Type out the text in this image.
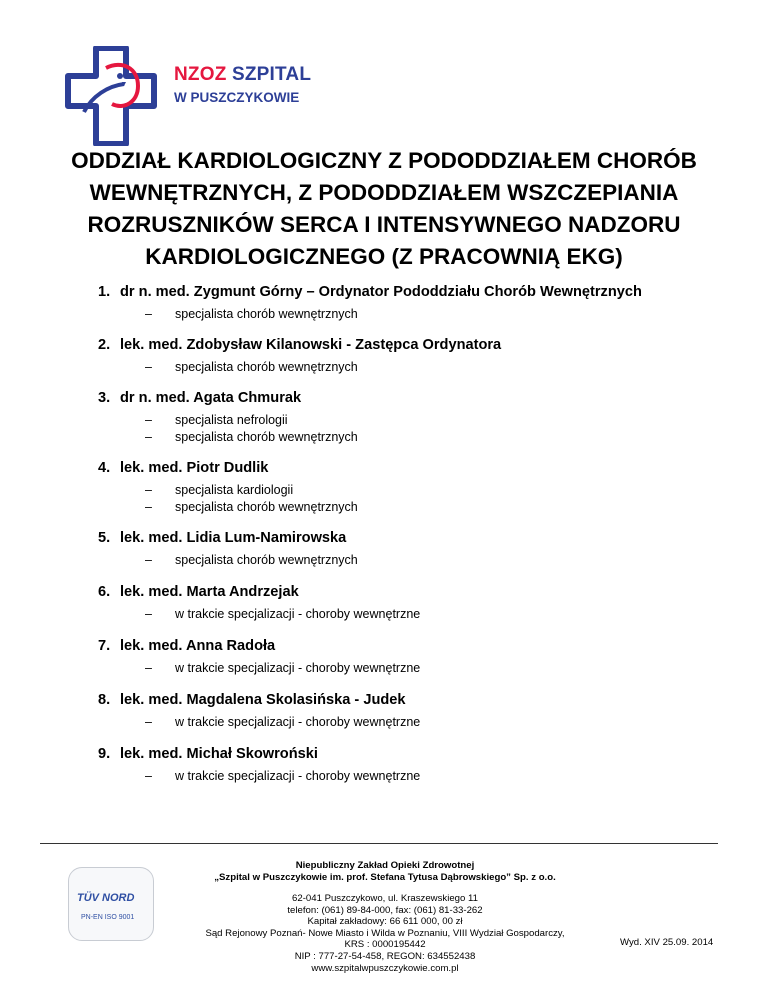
NZOZ SZPITAL
W PUSZCZYKOWIE
ODDZIAŁ KARDIOLOGICZNY Z PODODDZIAŁEM CHORÓB
WEWNĘTRZNYCH, Z PODODDZIAŁEM WSZCZEPIANIA
ROZRUSZNIKÓW SERCA I INTENSYWNEGO NADZORU
KARDIOLOGICZNEGO (Z PRACOWNIĄ EKG)
1. dr n. med. Zygmunt Górny – Ordynator Pododdziału Chorób Wewnętrznych
– specjalista chorób wewnętrznych
2. lek. med. Zdobysław Kilanowski - Zastępca Ordynatora
– specjalista chorób wewnętrznych
3. dr n. med. Agata Chmurak
– specjalista nefrologii
– specjalista chorób wewnętrznych
4. lek. med. Piotr Dudlik
– specjalista kardiologii
– specjalista chorób wewnętrznych
5. lek. med. Lidia Lum-Namirowska
– specjalista chorób wewnętrznych
6. lek. med. Marta Andrzejak
– w trakcie specjalizacji - choroby wewnętrzne
7. lek. med. Anna Radoła
– w trakcie specjalizacji - choroby wewnętrzne
8. lek. med. Magdalena Skolasińska - Judek
– w trakcie specjalizacji - choroby wewnętrzne
9. lek. med. Michał Skowroński
– w trakcie specjalizacji - choroby wewnętrzne
TÜV NORD
PN-EN ISO 9001
Niepubliczny Zakład Opieki Zdrowotnej
„Szpital w Puszczykowie im. prof. Stefana Tytusa Dąbrowskiego” Sp. z o.o.
62-041 Puszczykowo, ul. Kraszewskiego 11
telefon: (061) 89-84-000, fax: (061) 81-33-262
Kapitał zakładowy: 66 611 000, 00 zł
Sąd Rejonowy Poznań- Nowe Miasto i Wilda w Poznaniu, VIII Wydział Gospodarczy,
KRS : 0000195442
NIP : 777-27-54-458, REGON: 634552438
www.szpitalwpuszczykowie.com.pl
Wyd. XIV 25.09. 2014
